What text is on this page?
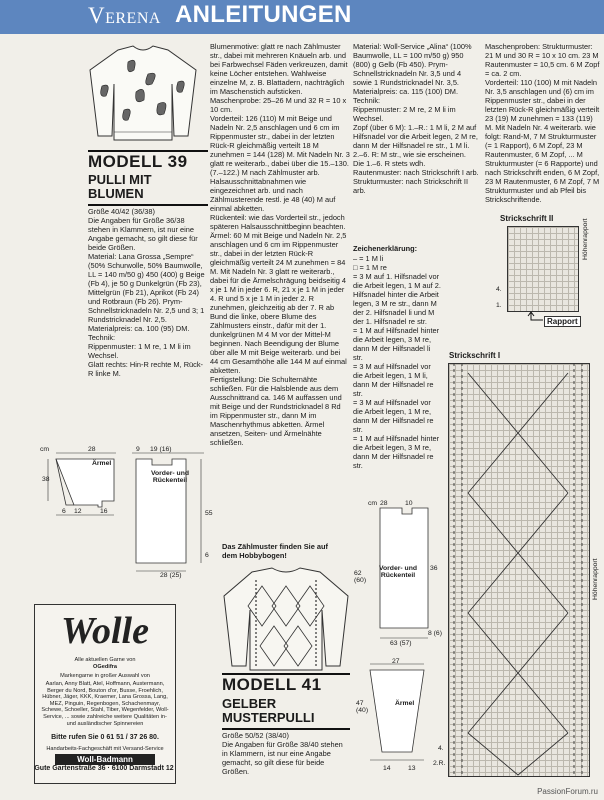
Verena ANLEITUNGEN
MODELL 39
PULLI MIT
BLUMEN
Größe 40/42 (36/38)
Die Angaben für Größe 36/38 stehen in Klammern, ist nur eine Angabe gemacht, so gilt diese für beide Größen.
Material: Lana Grossa „Sempre“ (50% Schurwolle, 50% Baumwolle, LL = 140 m/50 g) 450 (400) g Beige (Fb 4), je 50 g Dunkelgrün (Fb 23), Mittelgrün (Fb 21), Aprikot (Fb 24) und Rotbraun (Fb 26). Prym-Schnellstricknadeln Nr. 2,5 und 3; 1 Rundstricknadel Nr. 2,5.
Materialpreis: ca. 100 (95) DM.
Technik:
Rippenmuster: 1 M re, 1 M li im Wechsel.
Glatt rechts: Hin-R rechte M, Rück-R linke M.
cm	28	9 19 (16)
38
55
6
12	16
6
28 (25)
Ärmel
Vorder- und Rückenteil
Wolle
Alle aktuellen Garne von
OGedifra
Markengarne in großer Auswahl von
Aarlan, Anny Blatt, Atel, Hoffmann, Austermann, Berger du Nord, Bouton d'or, Busse, Froehlich, Hübner, Jäger, KKK, Kraemer, Lana Grossa, Lang, MEZ, Pinguin, Regenbogen, Schachenmayr, Schewe, Schoeller, Stahl, Tiber, Wegenfelder, Woll-Service, ... sowie zahlreiche weitere Qualitäten in- und ausländischer Spinnereien
Bitte rufen Sie 0 61 51 / 37 26 80.
Handarbeits-Fachgeschäft mit Versand-Service
Woll-Badmann
Gute Gartenstraße 36 · 6100 Darmstadt 12
Blumenmotive: glatt re nach Zählmuster str., dabei mit mehreren Knäueln arb. und bei Farbwechsel Fäden verkreuzen, damit keine Löcher entstehen. Wahlweise einzelne M, z. B. Blattadern, nachträglich im Maschenstich aufsticken.
Maschenprobe: 25–26 M und 32 R = 10 x 10 cm.
Vorderteil: 126 (110) M mit Beige und Nadeln Nr. 2,5 anschlagen und 6 cm im Rippenmuster str., dabei in der letzten Rück-R gleichmäßig verteilt 18 M zunehmen = 144 (128) M. Mit Nadeln Nr. 3 glatt re weiterarb., dabei über die 15.–130. (7.–122.) M nach Zählmuster arb. Halsausschnittabnahmen wie eingezeichnet arb. und nach Zählmusterende restl. je 48 (40) M auf einmal abketten.
Rückenteil: wie das Vorderteil str., jedoch späteren Halsausschnittbeginn beachten.
Ärmel: 60 M mit Beige und Nadeln Nr. 2,5 anschlagen und 6 cm im Rippenmuster str., dabei in der letzten Rück-R gleichmäßig verteilt 24 M zunehmen = 84 M. Mit Nadeln Nr. 3 glatt re weiterarb., dabei für die Ärmelschrägung beidseitig 4 x je 1 M in jeder 6. R, 21 x je 1 M in jeder 4. R und 5 x je 1 M in jeder 2. R zunehmen, gleichzeitig ab der 7. R ab Bund die linke, obere Blume des Zählmusters einstr., dafür mit der 1. dunkelgrünen M 4 M vor der Mittel-M beginnen. Nach Beendigung der Blume über alle M mit Beige weiterarb. und bei 44 cm Gesamthöhe alle 144 M auf einmal abketten.
Fertigstellung: Die Schulternähte schließen. Für die Halsblende aus dem Ausschnittrand ca. 146 M auffassen und mit Beige und der Rundstricknadel 8 Rd im Rippenmuster str., dann M im Maschenrhythmus abketten. Ärmel ansetzen, Seiten- und Ärmelnähte schließen.
Das Zählmuster finden Sie auf dem Hobbybogen!
MODELL 41
GELBER
MUSTERPULLI
Größe 50/52 (38/40)
Die Angaben für Größe 38/40 stehen in Klammern, ist nur eine Angabe gemacht, so gilt diese für beide Größen.
Material: Woll-Service „Alina“ (100% Baumwolle, LL = 100 m/50 g) 950 (800) g Gelb (Fb 450). Prym-Schnellstricknadeln Nr. 3,5 und 4 sowie 1 Rundstricknadel Nr. 3,5.
Materialpreis: ca. 115 (100) DM.
Technik:
Rippenmuster: 2 M re, 2 M li im Wechsel.
Zopf (über 6 M): 1.–R.: 1 M li, 2 M auf Hilfsnadel vor die Arbeit legen, 2 M re, dann M der Hilfsnadel re str., 1 M li. 2.–6. R: M str., wie sie erscheinen. Die 1.–6. R stets wdh.
Rautenmuster: nach Strickschrift I arb.
Strukturmuster: nach Strickschrift II arb.
Zeichenerklärung:
– = 1 M li
□ = 1 M re
= 3 M auf 1. Hilfsnadel vor die Arbeit legen, 1 M auf 2. Hilfsnadel hinter die Arbeit legen, 3 M re str., dann M der 2. Hilfsnadel li und M der 1. Hilfsnadel re str.
= 1 M auf Hilfsnadel hinter die Arbeit legen, 3 M re, dann M der Hilfsnadel li str.
= 3 M auf Hilfsnadel vor die Arbeit legen, 1 M li, dann M der Hilfsnadel re str.
= 3 M auf Hilfsnadel vor die Arbeit legen, 1 M re, dann M der Hilfsnadel re str.
= 1 M auf Hilfsnadel hinter die Arbeit legen, 3 M re, dann M der Hilfsnadel re str.
cm 28	10
62 (60)
36
8 (6)
63 (57)
27
47 (40)
14	13
Ärmel
Vorder- und Rückenteil
Maschenproben: Strukturmuster: 21 M und 30 R = 10 x 10 cm. 23 M Rautenmuster = 10,5 cm. 6 M Zopf = ca. 2 cm.
Vorderteil: 110 (100) M mit Nadeln Nr. 3,5 anschlagen und (6) cm im Rippenmuster str., dabei in der letzten Rück-R gleichmäßig verteilt 23 (19) M zunehmen = 133 (119) M. Mit Nadeln Nr. 4 weiterarb. wie folgt: Rand-M, 7 M Strukturmuster (= 1 Rapport), 6 M Zopf, 23 M Rautenmuster, 6 M Zopf, ... M Strukturmuster (= 6 Rapporte) und nach Strickschrift enden, 6 M Zopf, 23 M Rautenmuster, 6 M Zopf, 7 M Strukturmuster und ab Pfeil bis Strickschriftende.
Strickschrift II	Höhenrapport
4.
1.
Rapport
Strickschrift I
Höhenrapport
4.
2.R.
PassionForum.ru
